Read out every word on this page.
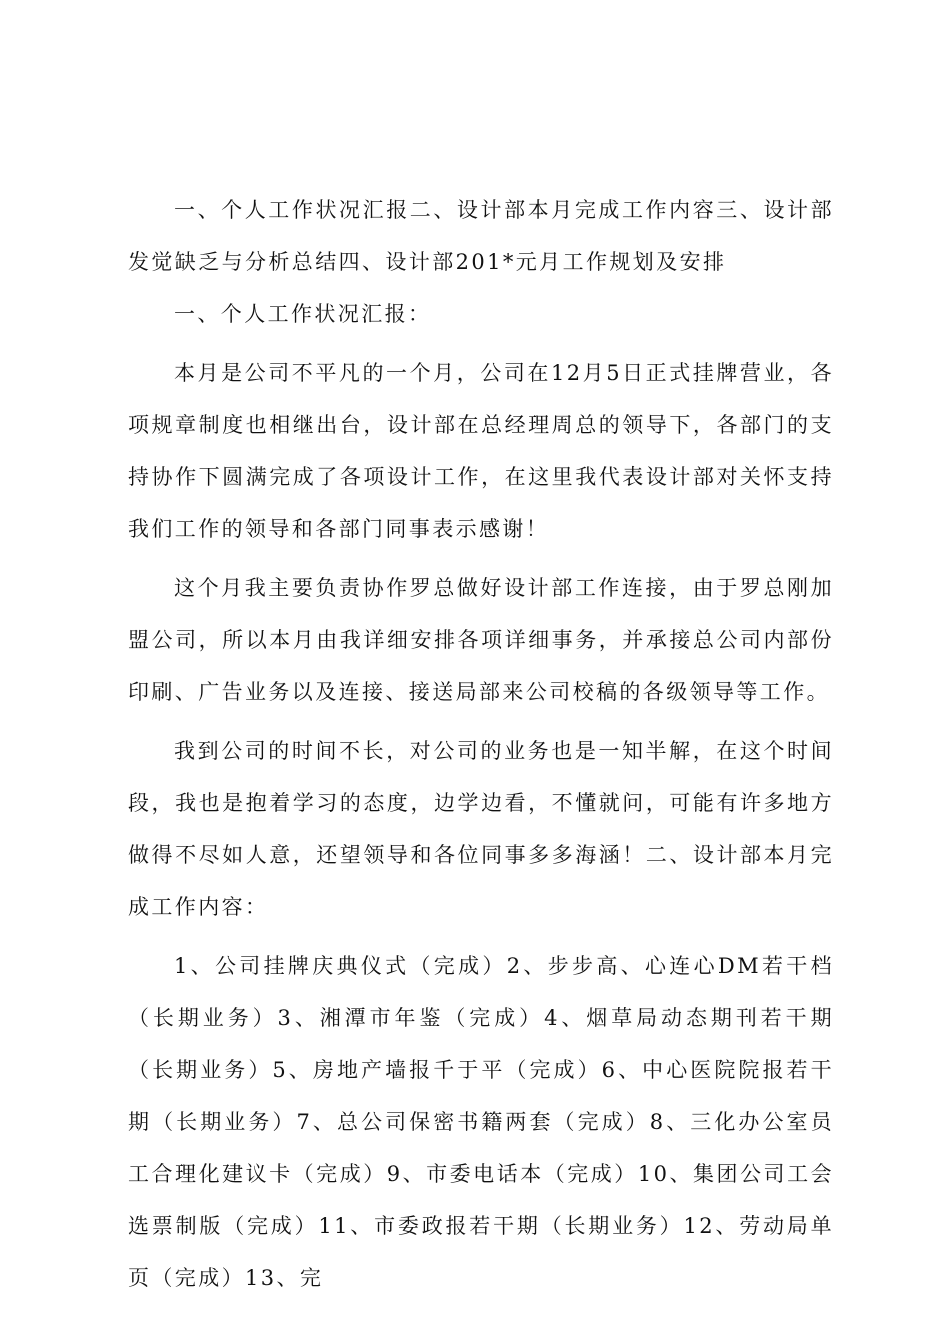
一、个人工作状况汇报二、设计部本月完成工作内容三、设计部发觉缺乏与分析总结四、设计部201*元月工作规划及安排

一、个人工作状况汇报：

本月是公司不平凡的一个月，公司在12月5日正式挂牌营业，各项规章制度也相继出台，设计部在总经理周总的领导下，各部门的支持协作下圆满完成了各项设计工作，在这里我代表设计部对关怀支持我们工作的领导和各部门同事表示感谢！

这个月我主要负责协作罗总做好设计部工作连接，由于罗总刚加盟公司，所以本月由我详细安排各项详细事务，并承接总公司内部份印刷、广告业务以及连接、接送局部来公司校稿的各级领导等工作。

我到公司的时间不长，对公司的业务也是一知半解，在这个时间段，我也是抱着学习的态度，边学边看，不懂就问，可能有许多地方做得不尽如人意，还望领导和各位同事多多海涵！二、设计部本月完成工作内容：

1、公司挂牌庆典仪式（完成）2、步步高、心连心DM若干档（长期业务）3、湘潭市年鉴（完成）4、烟草局动态期刊若干期（长期业务）5、房地产墙报千于平（完成）6、中心医院院报若干期（长期业务）7、总公司保密书籍两套（完成）8、三化办公室员工合理化建议卡（完成）9、市委电话本（完成）10、集团公司工会选票制版（完成）11、市委政报若干期（长期业务）12、劳动局单页（完成）13、完
